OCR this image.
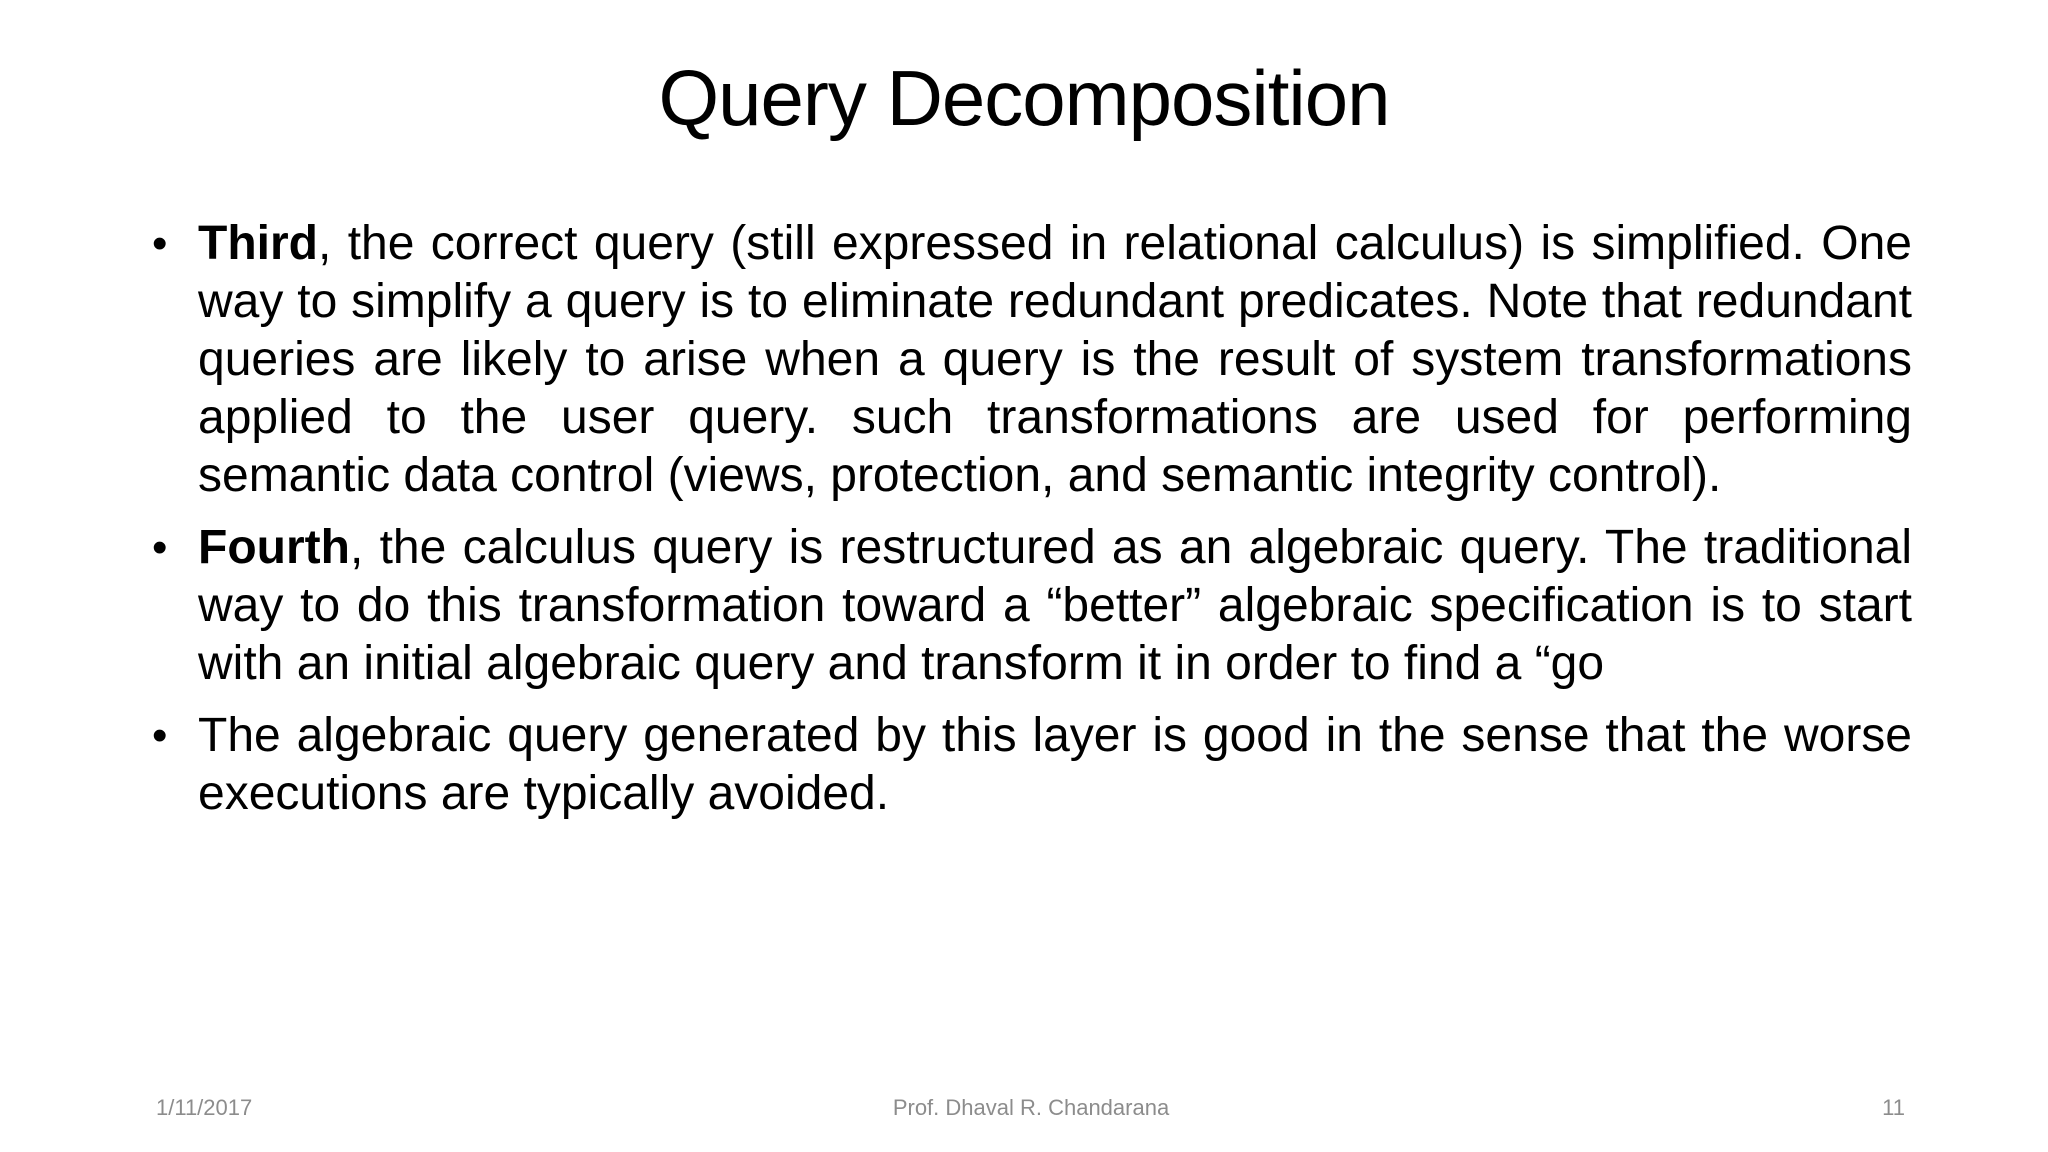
Query Decomposition
• Third, the correct query (still expressed in relational calculus) is simplified. One way to simplify a query is to eliminate redundant predicates. Note that redundant queries are likely to arise when a query is the result of system transformations applied to the user query. such transformations are used for performing semantic data control (views, protection, and semantic integrity control).
• Fourth, the calculus query is restructured as an algebraic query. The traditional way to do this transformation toward a “better” algebraic specification is to start with an initial algebraic query and transform it in order to find a “go
• The algebraic query generated by this layer is good in the sense that the worse executions are typically avoided.
1/11/2017	Prof. Dhaval R. Chandarana	11
